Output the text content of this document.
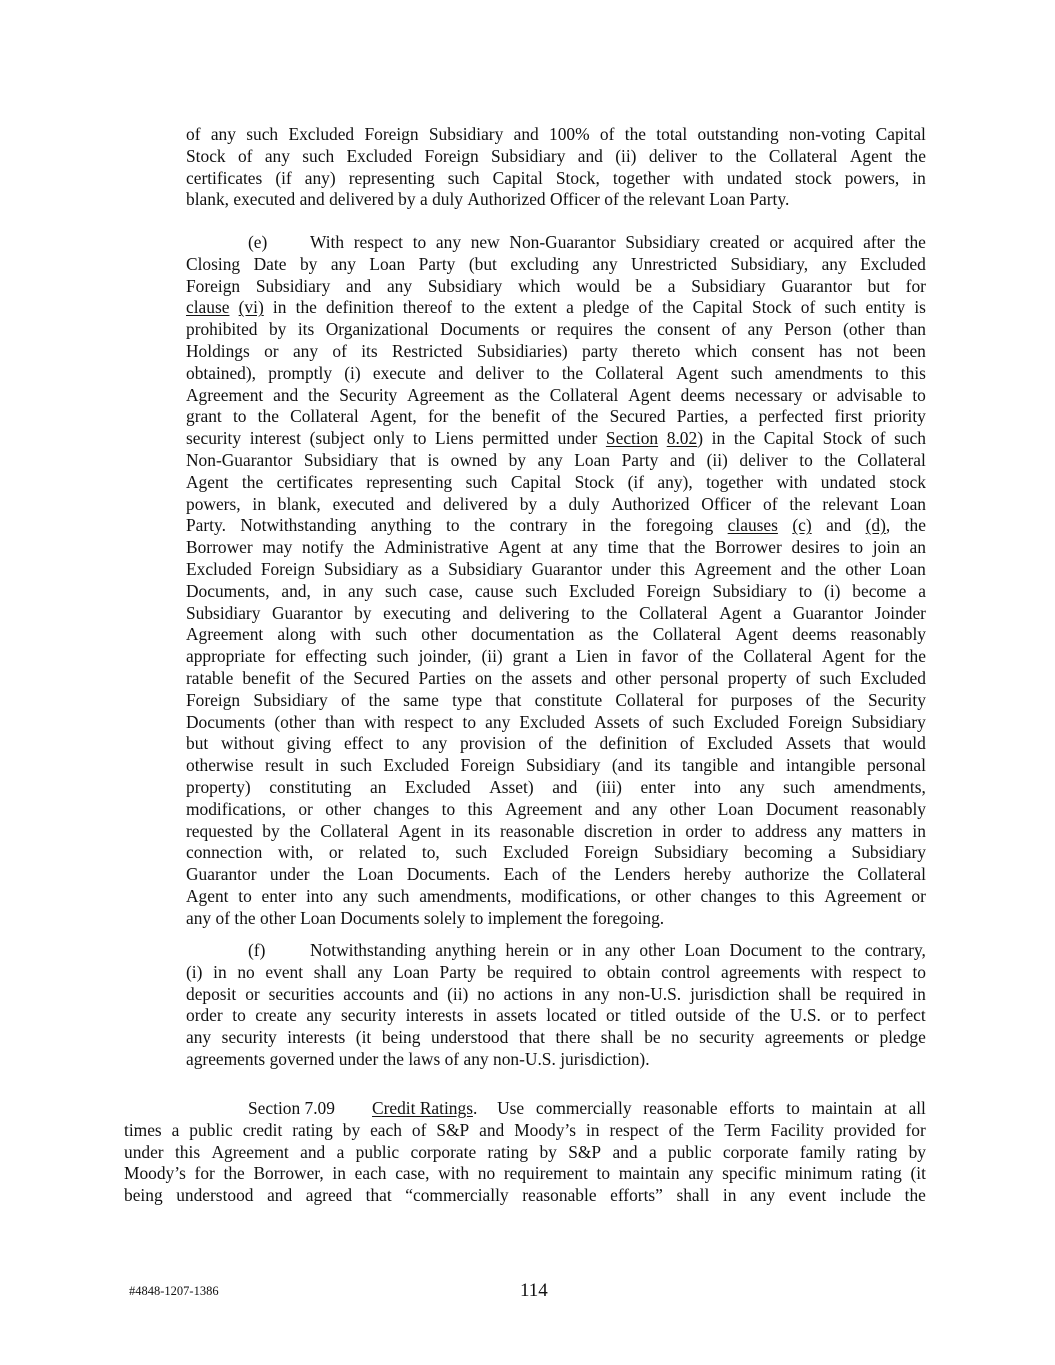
of any such Excluded Foreign Subsidiary and 100% of the total outstanding non-voting Capital
Stock of any such Excluded Foreign Subsidiary and (ii) deliver to the Collateral Agent the
certificates (if any) representing such Capital Stock, together with undated stock powers, in
blank, executed and delivered by a duly Authorized Officer of the relevant Loan Party.
(e)	With respect to any new Non-Guarantor Subsidiary created or acquired after the
Closing Date by any Loan Party (but excluding any Unrestricted Subsidiary, any Excluded
Foreign Subsidiary and any Subsidiary which would be a Subsidiary Guarantor but for
clause (vi) in the definition thereof to the extent a pledge of the Capital Stock of such entity is
prohibited by its Organizational Documents or requires the consent of any Person (other than
Holdings or any of its Restricted Subsidiaries) party thereto which consent has not been
obtained), promptly (i) execute and deliver to the Collateral Agent such amendments to this
Agreement and the Security Agreement as the Collateral Agent deems necessary or advisable to
grant to the Collateral Agent, for the benefit of the Secured Parties, a perfected first priority
security interest (subject only to Liens permitted under Section 8.02) in the Capital Stock of such
Non-Guarantor Subsidiary that is owned by any Loan Party and (ii) deliver to the Collateral
Agent the certificates representing such Capital Stock (if any), together with undated stock
powers, in blank, executed and delivered by a duly Authorized Officer of the relevant Loan
Party. Notwithstanding anything to the contrary in the foregoing clauses (c) and (d), the
Borrower may notify the Administrative Agent at any time that the Borrower desires to join an
Excluded Foreign Subsidiary as a Subsidiary Guarantor under this Agreement and the other Loan
Documents, and, in any such case, cause such Excluded Foreign Subsidiary to (i) become a
Subsidiary Guarantor by executing and delivering to the Collateral Agent a Guarantor Joinder
Agreement along with such other documentation as the Collateral Agent deems reasonably
appropriate for effecting such joinder, (ii) grant a Lien in favor of the Collateral Agent for the
ratable benefit of the Secured Parties on the assets and other personal property of such Excluded
Foreign Subsidiary of the same type that constitute Collateral for purposes of the Security
Documents (other than with respect to any Excluded Assets of such Excluded Foreign Subsidiary
but without giving effect to any provision of the definition of Excluded Assets that would
otherwise result in such Excluded Foreign Subsidiary (and its tangible and intangible personal
property) constituting an Excluded Asset) and (iii) enter into any such amendments,
modifications, or other changes to this Agreement and any other Loan Document reasonably
requested by the Collateral Agent in its reasonable discretion in order to address any matters in
connection with, or related to, such Excluded Foreign Subsidiary becoming a Subsidiary
Guarantor under the Loan Documents. Each of the Lenders hereby authorize the Collateral
Agent to enter into any such amendments, modifications, or other changes to this Agreement or
any of the other Loan Documents solely to implement the foregoing.
(f)	Notwithstanding anything herein or in any other Loan Document to the contrary,
(i) in no event shall any Loan Party be required to obtain control agreements with respect to
deposit or securities accounts and (ii) no actions in any non-U.S. jurisdiction shall be required in
order to create any security interests in assets located or titled outside of the U.S. or to perfect
any security interests (it being understood that there shall be no security agreements or pledge
agreements governed under the laws of any non-U.S. jurisdiction).
Section 7.09	Credit Ratings . Use commercially reasonable efforts to maintain at all
times a public credit rating by each of S&P and Moody’s in respect of the Term Facility provided for
under this Agreement and a public corporate rating by S&P and a public corporate family rating by
Moody’s for the Borrower, in each case, with no requirement to maintain any specific minimum rating (it
being understood and agreed that “commercially reasonable efforts” shall in any event include the
#4848-1207-1386	114
